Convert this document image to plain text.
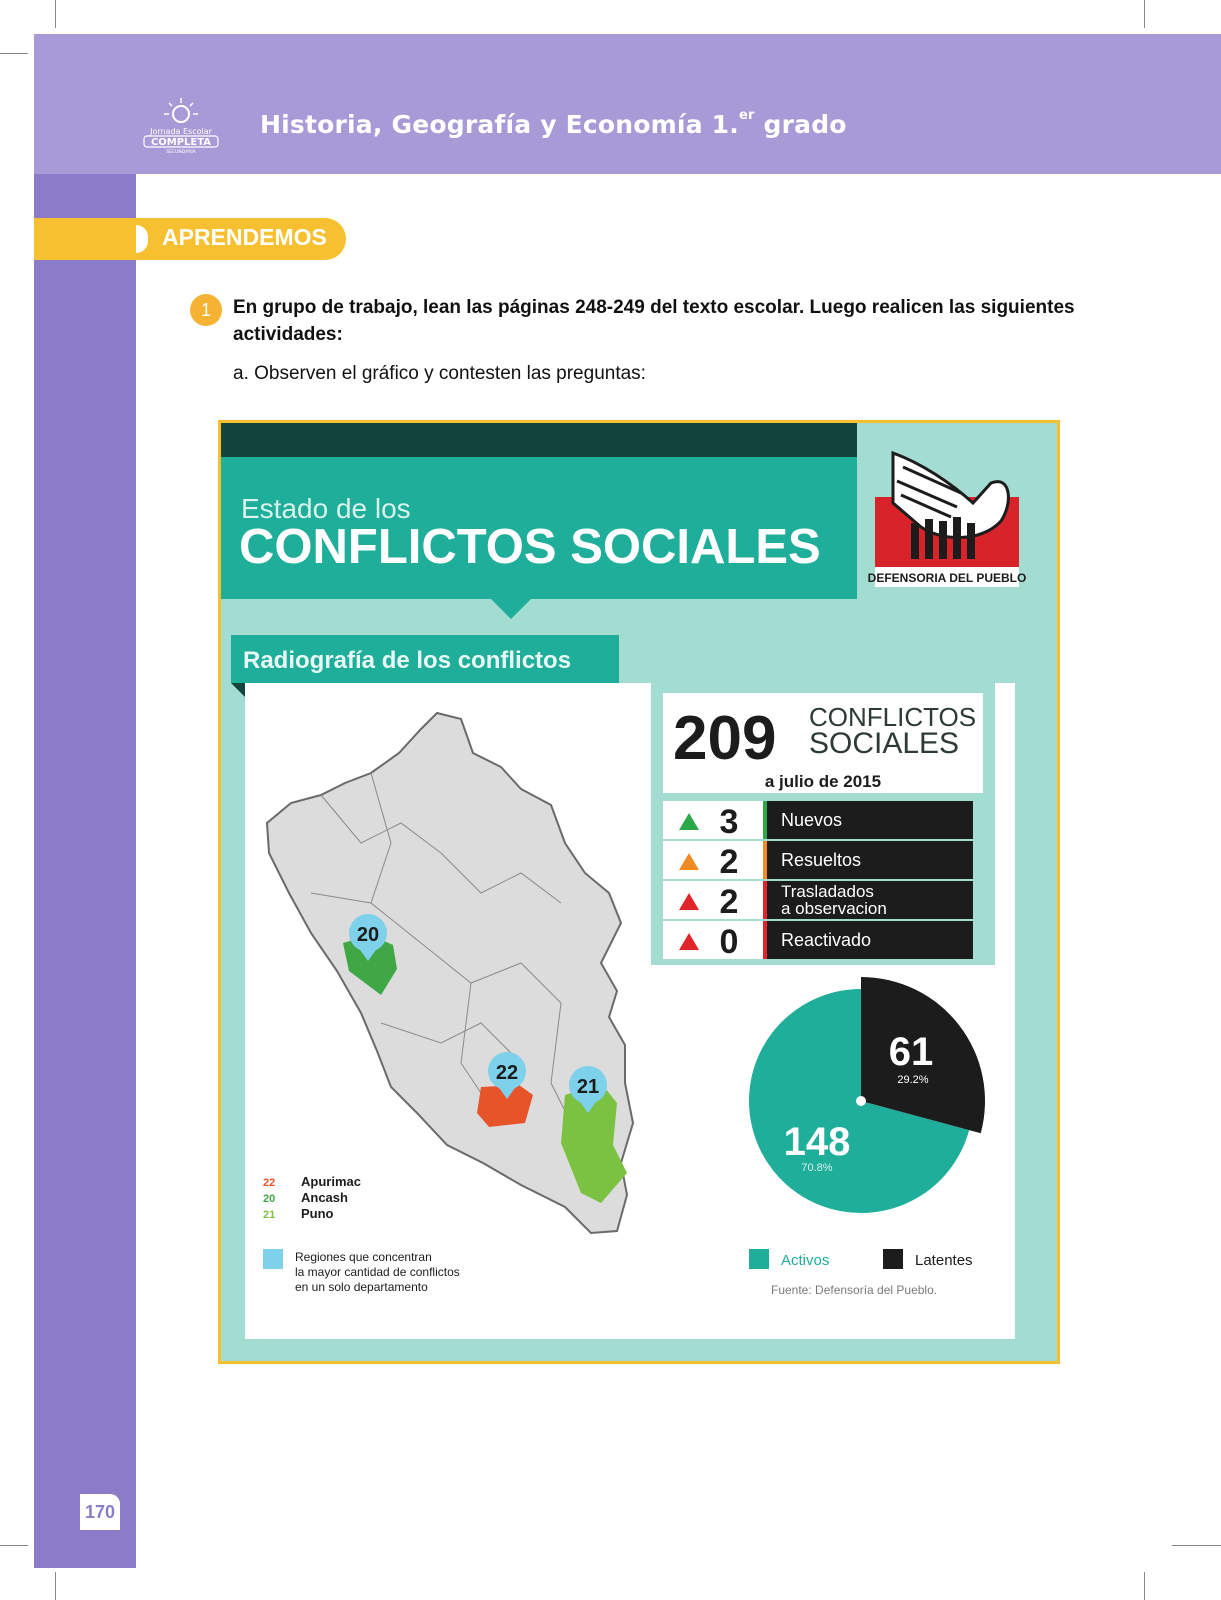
Jornada Escolar
COMPLETA
SECUNDARIA
Historia, Geografía y Economía 1.$^{er}$ grado
APRENDEMOS
1	En grupo de trabajo, lean las páginas 248-249 del texto escolar. Luego realicen las siguientes actividades:
a. Observen el gráfico y contesten las preguntas:
Estado de los
CONFLICTOS SOCIALES
DEFENSORIA DEL PUEBLO
Radiografía de los conflictos
20
22
21
22 Apurimac
20 Ancash
21 Puno
Regiones que concentran
la mayor cantidad de conflictos
en un solo departamento
209 CONFLICTOS
SOCIALES
a julio de 2015
3 Nuevos
2 Resueltos
2	Trasladados
a observacion
0 Reactivado
61
29.2%
148
70.8%
Activos	Latentes
Fuente: Defensoría del Pueblo.
170
